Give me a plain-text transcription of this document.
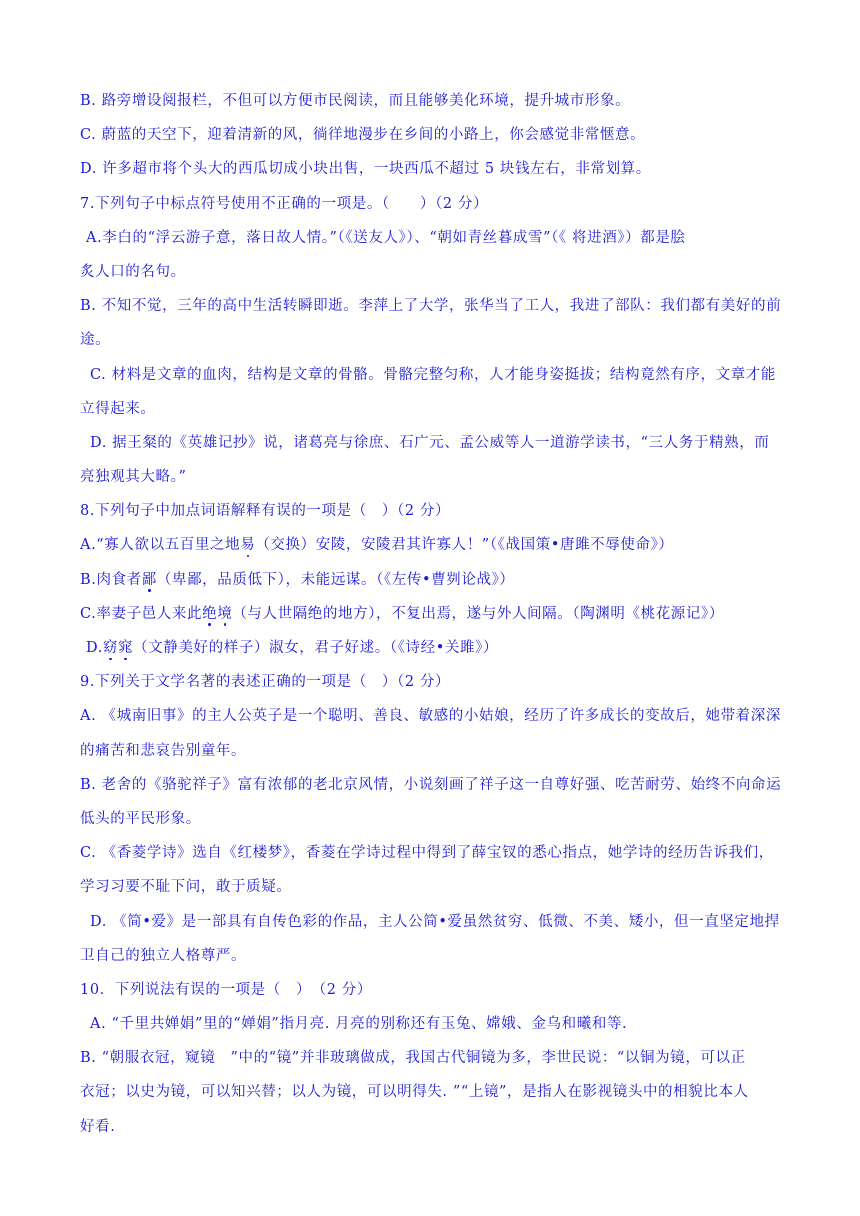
B. 路旁增设阅报栏，不但可以方便市民阅读，而且能够美化环境，提升城市形象。
C. 蔚蓝的天空下，迎着清新的风，徜徉地漫步在乡间的小路上，你会感觉非常惬意。
D. 许多超市将个头大的西瓜切成小块出售，一块西瓜不超过 5 块钱左右，非常划算。
7.下列句子中标点符号使用不正确的一项是。（　　）（2 分）
A.李白的“浮云游子意，落日故人情。”（《送友人》）、“朝如青丝暮成雪”（《 将进酒》）都是脍
炙人口的名句。
B. 不知不觉，三年的高中生活转瞬即逝。李萍上了大学，张华当了工人，我进了部队：我们都有美好的前
途。
C. 材料是文章的血肉，结构是文章的骨骼。骨骼完整匀称，人才能身姿挺拔；结构竟然有序，文章才能
立得起来。
D. 据王粲的《英雄记抄》说，诸葛亮与徐庶、石广元、孟公威等人一道游学读书，“三人务于精熟，而
亮独观其大略。”
8.下列句子中加点词语解释有误的一项是（　）（2 分）
A.“寡人欲以五百里之地易（交换）安陵，安陵君其许寡人！”（《战国策•唐雎不辱使命》）
B.肉食者鄙（卑鄙，品质低下），未能远谋。（《左传•曹刿论战》）
C.率妻子邑人来此绝境（与人世隔绝的地方），不复出焉，遂与外人间隔。（陶渊明《桃花源记》）
D.窈窕（文静美好的样子）淑女，君子好逑。（《诗经•关雎》）
9.下列关于文学名著的表述正确的一项是（　）（2 分）
A. 《城南旧事》的主人公英子是一个聪明、善良、敏感的小姑娘，经历了许多成长的变故后，她带着深深
的痛苦和悲哀告别童年。
B. 老舍的《骆驼祥子》富有浓郁的老北京风情，小说刻画了祥子这一自尊好强、吃苦耐劳、始终不向命运
低头的平民形象。
C. 《香菱学诗》选自《红楼梦》，香菱在学诗过程中得到了薛宝钗的悉心指点，她学诗的经历告诉我们，
学习习要不耻下问，敢于质疑。
D. 《简•爱》是一部具有自传色彩的作品，主人公简•爱虽然贫穷、低微、不美、矮小，但一直坚定地捍
卫自己的独立人格尊严。
10．下列说法有误的一项是（　）　（2 分）
A. “千里共婵娟”里的“婵娟”指月亮. 月亮的别称还有玉兔、嫦娥、金乌和曦和等.
B. “朝服衣冠，窥镜　”中的“镜”并非玻璃做成，我国古代铜镜为多，李世民说：“以铜为镜，可以正
衣冠；以史为镜，可以知兴替；以人为镜，可以明得失. ”“上镜”，是指人在影视镜头中的相貌比本人
好看.
